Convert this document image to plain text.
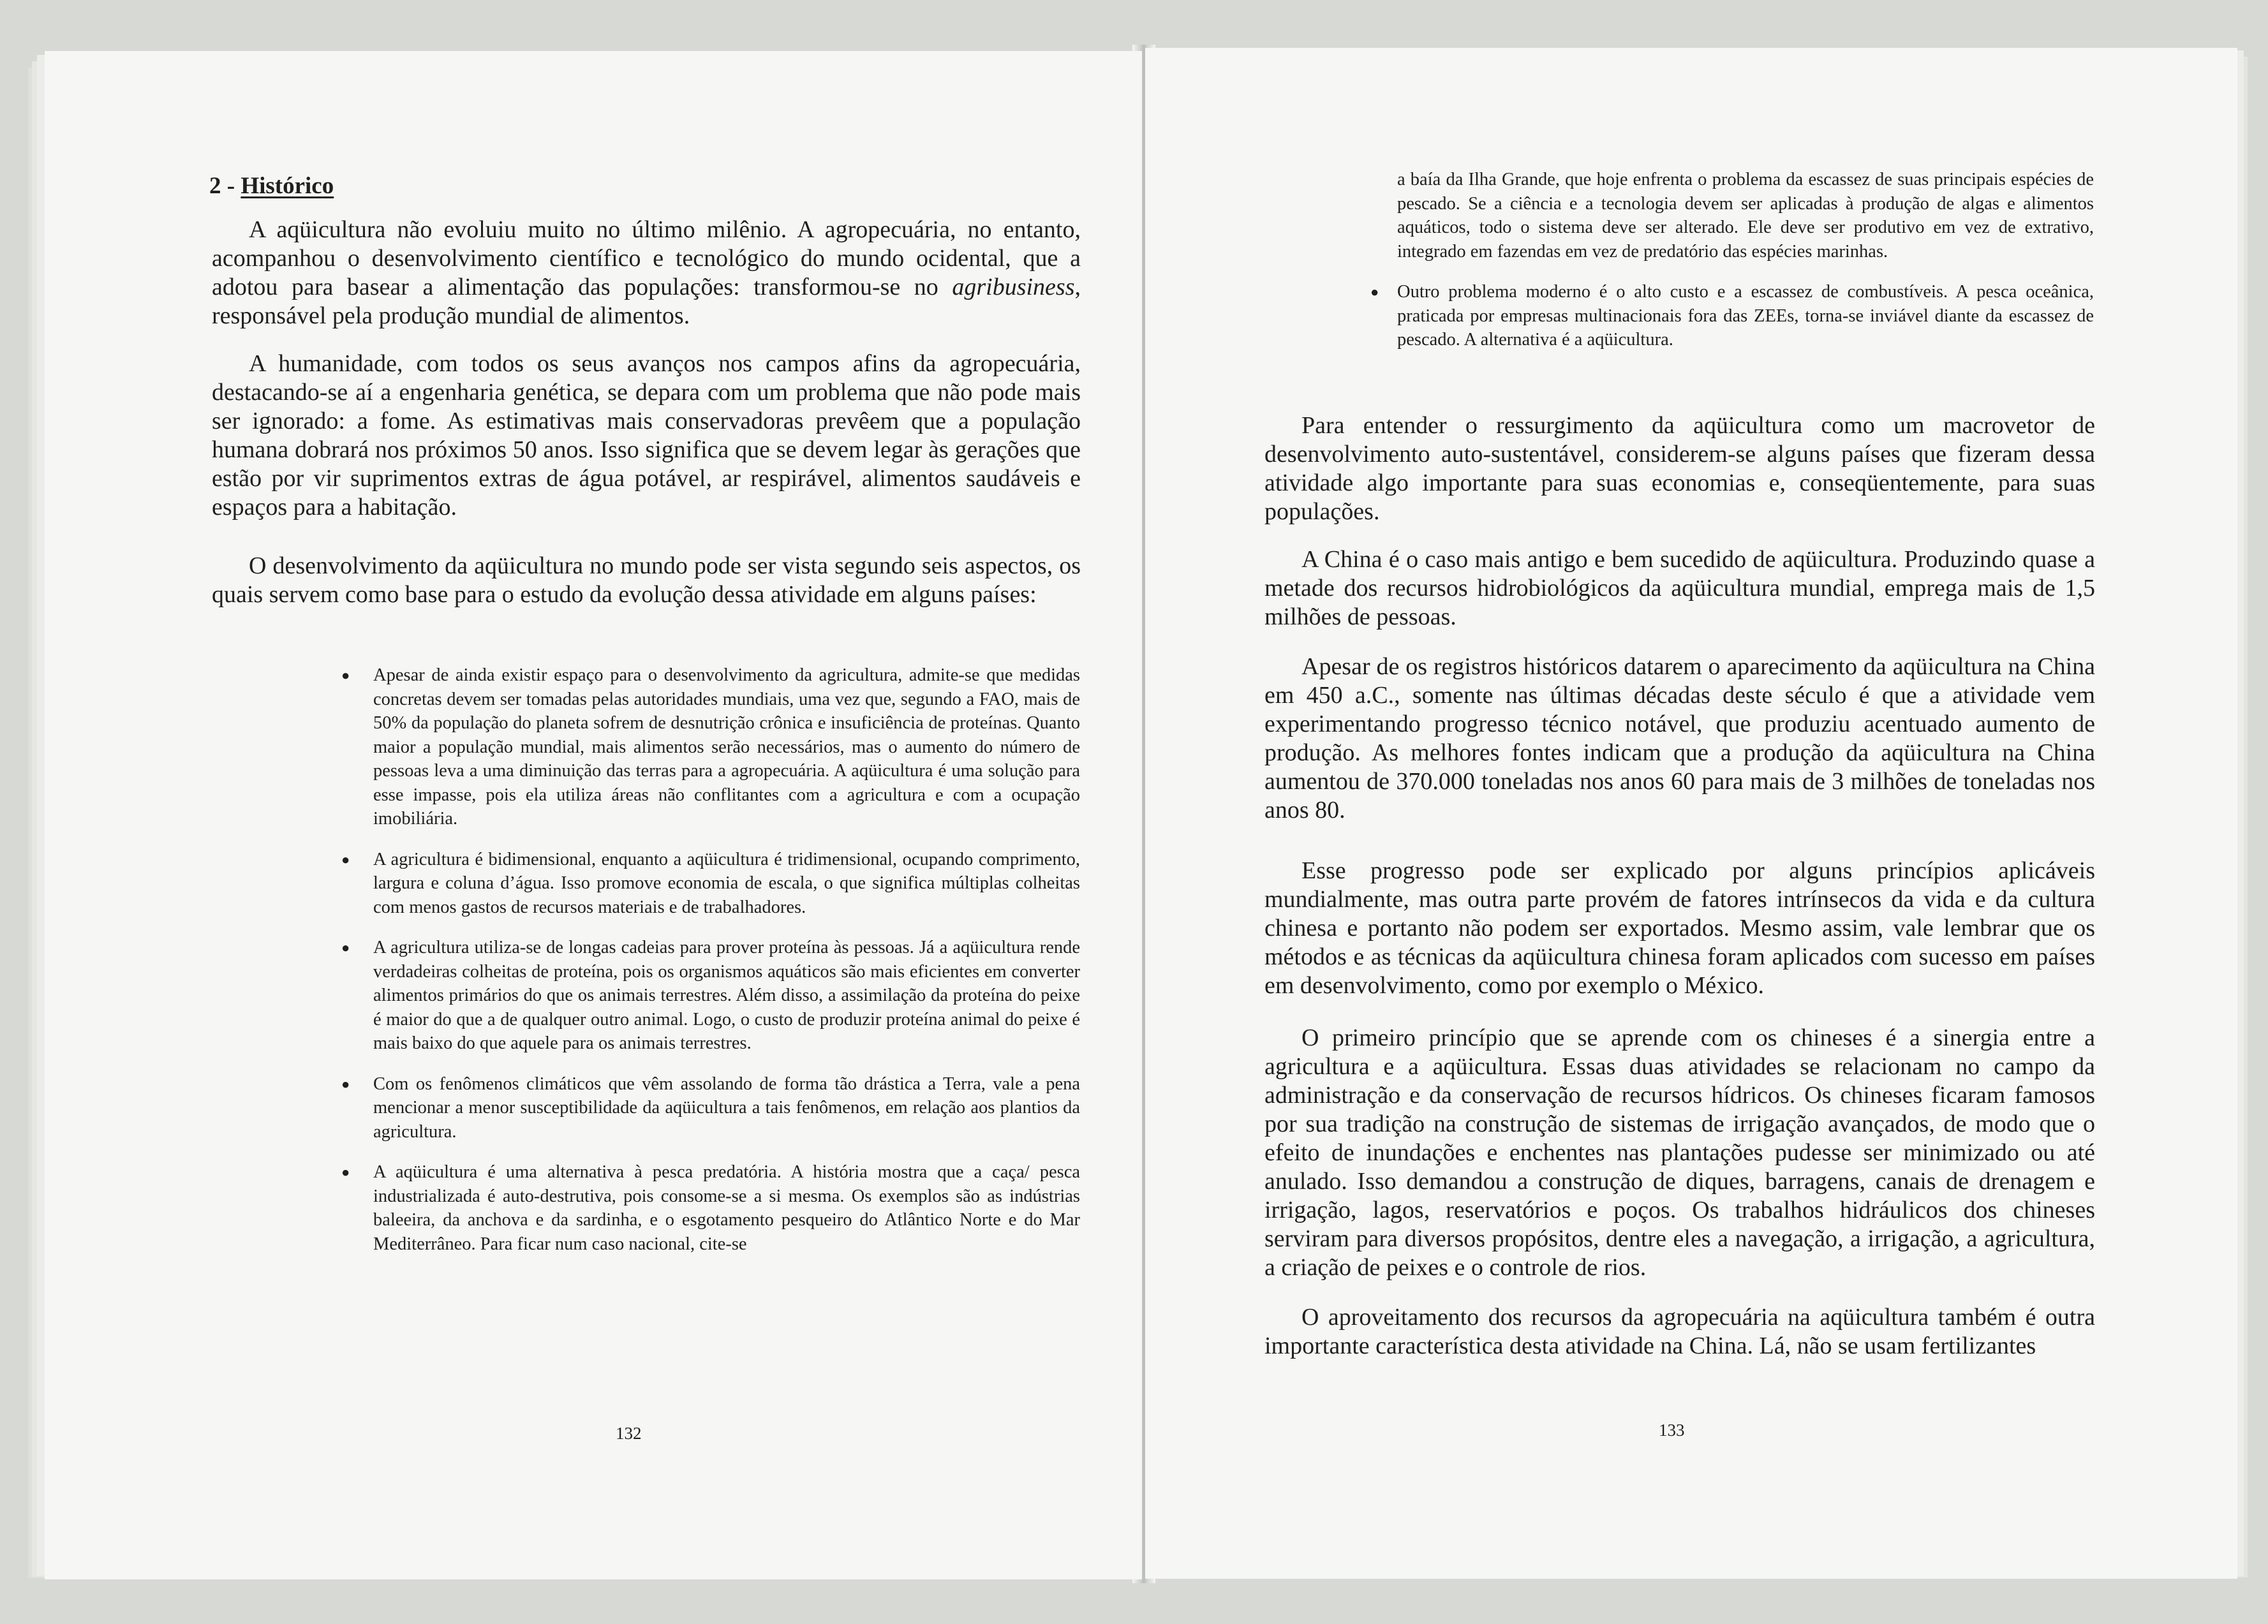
2 - Histórico

A aqüicultura não evoluiu muito no último milênio. A agropecuária, no entanto, acompanhou o desenvolvimento científico e tecnológico do mundo ocidental, que a adotou para basear a alimentação das populações: transformou-se no agribusiness, responsável pela produção mundial de alimentos.

A humanidade, com todos os seus avanços nos campos afins da agropecuária, destacando-se aí a engenharia genética, se depara com um problema que não pode mais ser ignorado: a fome. As estimativas mais conservadoras prevêem que a população humana dobrará nos próximos 50 anos. Isso significa que se devem legar às gerações que estão por vir suprimentos extras de água potável, ar respirável, alimentos saudáveis e espaços para a habitação.

O desenvolvimento da aqüicultura no mundo pode ser vista segundo seis aspectos, os quais servem como base para o estudo da evolução dessa atividade em alguns países:

● Apesar de ainda existir espaço para o desenvolvimento da agricultura, admite-se que medidas concretas devem ser tomadas pelas autoridades mundiais, uma vez que, segundo a FAO, mais de 50% da população do planeta sofrem de desnutrição crônica e insuficiência de proteínas. Quanto maior a população mundial, mais alimentos serão necessários, mas o aumento do número de pessoas leva a uma diminuição das terras para a agropecuária. A aqüicultura é uma solução para esse impasse, pois ela utiliza áreas não conflitantes com a agricultura e com a ocupação imobiliária.
● A agricultura é bidimensional, enquanto a aqüicultura é tridimensional, ocupando comprimento, largura e coluna d’água. Isso promove economia de escala, o que significa múltiplas colheitas com menos gastos de recursos materiais e de trabalhadores.
● A agricultura utiliza-se de longas cadeias para prover proteína às pessoas. Já a aqüicultura rende verdadeiras colheitas de proteína, pois os organismos aquáticos são mais eficientes em converter alimentos primários do que os animais terrestres. Além disso, a assimilação da proteína do peixe é maior do que a de qualquer outro animal. Logo, o custo de produzir proteína animal do peixe é mais baixo do que aquele para os animais terrestres.
● Com os fenômenos climáticos que vêm assolando de forma tão drástica a Terra, vale a pena mencionar a menor susceptibilidade da aqüicultura a tais fenômenos, em relação aos plantios da agricultura.
● A aqüicultura é uma alternativa à pesca predatória. A história mostra que a caça/ pesca industrializada é auto-destrutiva, pois consome-se a si mesma. Os exemplos são as indústrias baleeira, da anchova e da sardinha, e o esgotamento pesqueiro do Atlântico Norte e do Mar Mediterrâneo. Para ficar num caso nacional, cite-se

132

a baía da Ilha Grande, que hoje enfrenta o problema da escassez de suas principais espécies de pescado. Se a ciência e a tecnologia devem ser aplicadas à produção de algas e alimentos aquáticos, todo o sistema deve ser alterado. Ele deve ser produtivo em vez de extrativo, integrado em fazendas em vez de predatório das espécies marinhas.
● Outro problema moderno é o alto custo e a escassez de combustíveis. A pesca oceânica, praticada por empresas multinacionais fora das ZEEs, torna-se inviável diante da escassez de pescado. A alternativa é a aqüicultura.

Para entender o ressurgimento da aqüicultura como um macrovetor de desenvolvimento auto-sustentável, considerem-se alguns países que fizeram dessa atividade algo importante para suas economias e, conseqüentemente, para suas populações.

A China é o caso mais antigo e bem sucedido de aqüicultura. Produzindo quase a metade dos recursos hidrobiológicos da aqüicultura mundial, emprega mais de 1,5 milhões de pessoas.

Apesar de os registros históricos datarem o aparecimento da aqüicultura na China em 450 a.C., somente nas últimas décadas deste século é que a atividade vem experimentando progresso técnico notável, que produziu acentuado aumento de produção. As melhores fontes indicam que a produção da aqüicultura na China aumentou de 370.000 toneladas nos anos 60 para mais de 3 milhões de toneladas nos anos 80.

Esse progresso pode ser explicado por alguns princípios aplicáveis mundialmente, mas outra parte provém de fatores intrínsecos da vida e da cultura chinesa e portanto não podem ser exportados. Mesmo assim, vale lembrar que os métodos e as técnicas da aqüicultura chinesa foram aplicados com sucesso em países em desenvolvimento, como por exemplo o México.

O primeiro princípio que se aprende com os chineses é a sinergia entre a agricultura e a aqüicultura. Essas duas atividades se relacionam no campo da administração e da conservação de recursos hídricos. Os chineses ficaram famosos por sua tradição na construção de sistemas de irrigação avançados, de modo que o efeito de inundações e enchentes nas plantações pudesse ser minimizado ou até anulado. Isso demandou a construção de diques, barragens, canais de drenagem e irrigação, lagos, reservatórios e poços. Os trabalhos hidráulicos dos chineses serviram para diversos propósitos, dentre eles a navegação, a irrigação, a agricultura, a criação de peixes e o controle de rios.

O aproveitamento dos recursos da agropecuária na aqüicultura também é outra importante característica desta atividade na China. Lá, não se usam fertilizantes

133
